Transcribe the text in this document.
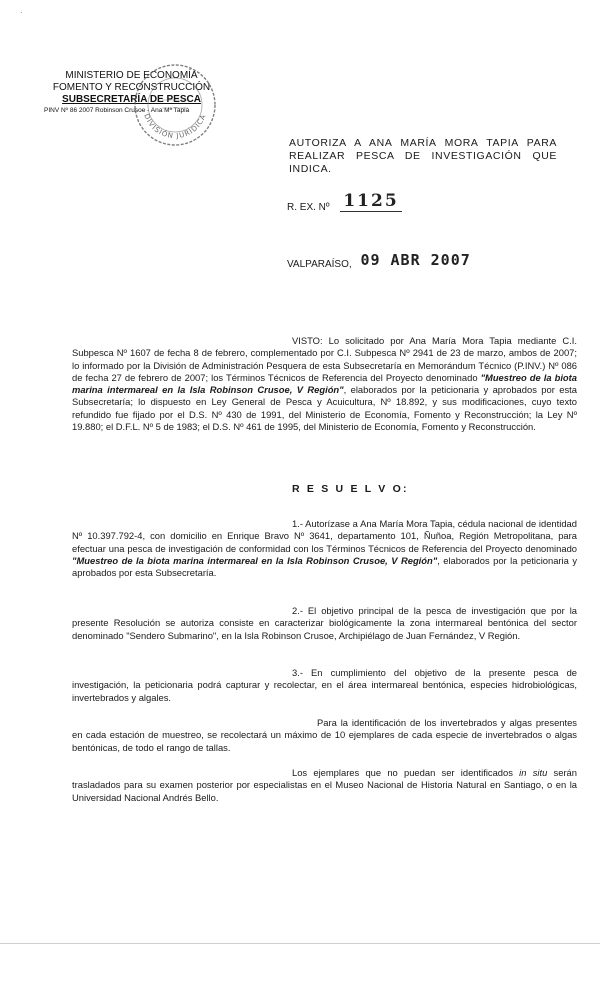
·
MINISTERIO DE ECONOMÍA
FOMENTO Y RECONSTRUCCIÓN
SUBSECRETARÍA DE PESCA
PINV Nº 86 2007 Robinson Crusoe - Ana Mª Tapia
DIVISIÓN JURÍDICA
AUTORIZA A ANA MARÍA MORA TAPIA PARA REALIZAR PESCA DE INVESTIGACIÓN QUE INDICA.
R. EX. Nº 1125
VALPARAÍSO, 09 ABR 2007
VISTO: Lo solicitado por Ana María Mora Tapia mediante C.I. Subpesca Nº 1607 de fecha 8 de febrero, complementado por C.I. Subpesca Nº 2941 de 23 de marzo, ambos de 2007; lo informado por la División de Administración Pesquera de esta Subsecretaría en Memorándum Técnico (P.INV.) Nº 086 de fecha 27 de febrero de 2007; los Términos Técnicos de Referencia del Proyecto denominado "Muestreo de la biota marina intermareal en la Isla Robinson Crusoe, V Región", elaborados por la peticionaria y aprobados por esta Subsecretaría; lo dispuesto en Ley General de Pesca y Acuicultura, Nº 18.892, y sus modificaciones, cuyo texto refundido fue fijado por el D.S. Nº 430 de 1991, del Ministerio de Economía, Fomento y Reconstrucción; la Ley Nº 19.880; el D.F.L. Nº 5 de 1983; el D.S. Nº 461 de 1995, del Ministerio de Economía, Fomento y Reconstrucción.
R E S U E L V O:
1.- Autorízase a Ana María Mora Tapia, cédula nacional de identidad Nº 10.397.792-4, con domicilio en Enrique Bravo Nº 3641, departamento 101, Ñuñoa, Región Metropolitana, para efectuar una pesca de investigación de conformidad con los Términos Técnicos de Referencia del Proyecto denominado "Muestreo de la biota marina intermareal en la Isla Robinson Crusoe, V Región", elaborados por la peticionaria y aprobados por esta Subsecretaría.
2.- El objetivo principal de la pesca de investigación que por la presente Resolución se autoriza consiste en caracterizar biológicamente la zona intermareal bentónica del sector denominado "Sendero Submarino", en la Isla Robinson Crusoe, Archipiélago de Juan Fernández, V Región.
3.- En cumplimiento del objetivo de la presente pesca de investigación, la peticionaria podrá capturar y recolectar, en el área intermareal bentónica, especies hidrobiológicas, invertebrados y algales.
Para la identificación de los invertebrados y algas presentes en cada estación de muestreo, se recolectará un máximo de 10 ejemplares de cada especie de invertebrados o algas bentónicas, de todo el rango de tallas.
Los ejemplares que no puedan ser identificados in situ serán trasladados para su examen posterior por especialistas en el Museo Nacional de Historia Natural en Santiago, o en la Universidad Nacional Andrés Bello.
